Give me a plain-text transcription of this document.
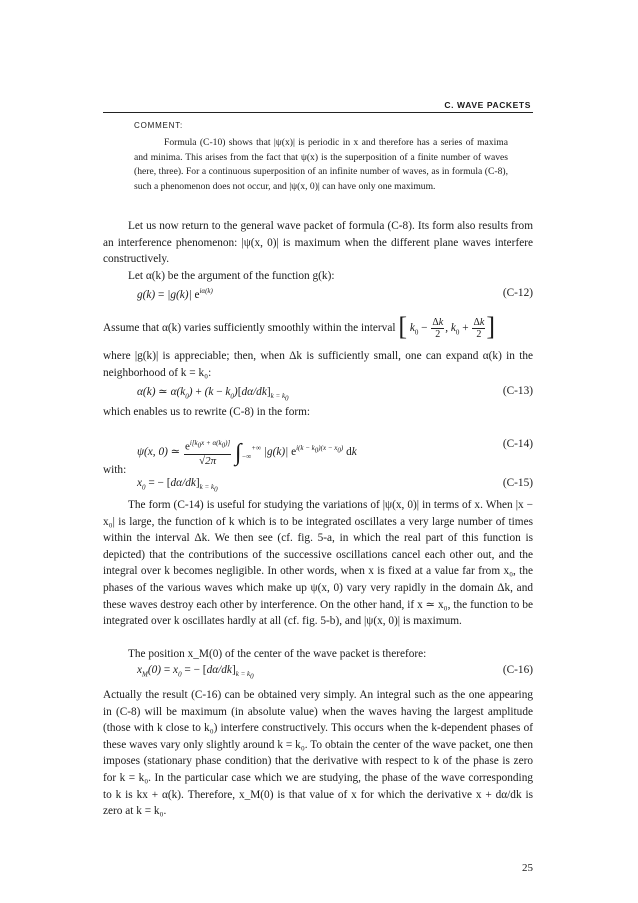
C. WAVE PACKETS
COMMENT:
Formula (C-10) shows that |ψ(x)| is periodic in x and therefore has a series of maxima and minima. This arises from the fact that ψ(x) is the superposition of a finite number of waves (here, three). For a continuous superposition of an infinite number of waves, as in formula (C-8), such a phenomenon does not occur, and |ψ(x, 0)| can have only one maximum.
Let us now return to the general wave packet of formula (C-8). Its form also results from an interference phenomenon: |ψ(x, 0)| is maximum when the different plane waves interfere constructively.
Let α(k) be the argument of the function g(k):
g(k) = |g(k)| $e^{i\alpha(k)}$	(C-12)
Assume that α(k) varies sufficiently smoothly within the interval [ $k_0 - \frac{\Delta k}{2}$ , $k_0 + \frac{\Delta k}{2}$ ]
where |g(k)| is appreciable; then, when Δk is sufficiently small, one can expand α(k) in the neighborhood of k = k₀:
α(k) ≃ $\alpha(k_0) + (k - k_0)[d\alpha/dk]_{k = k_0}$
(C-13)
which enables us to rewrite (C-8) in the form:
ψ(x, 0) ≃ $\frac{e^{i[k_0x + \alpha(k_0)]}}{√2\pi} \int_{-\infty}^{+\infty}$ |g(k)| $e^{i(k - k_0)(x - x_0)}$ dk
(C-14)
with:
$x_0$ = − $[d\alpha/dk]_{k = k_0}$
(C-15)
The form (C-14) is useful for studying the variations of |ψ(x, 0)| in terms of x. When |x − x₀| is large, the function of k which is to be integrated oscillates a very large number of times within the interval Δk. We then see (cf. fig. 5-a, in which the real part of this function is depicted) that the contributions of the successive oscillations cancel each other out, and the integral over k becomes negligible. In other words, when x is fixed at a value far from x₀, the phases of the various waves which make up ψ(x, 0) vary very rapidly in the domain Δk, and these waves destroy each other by interference. On the other hand, if x ≃ x₀, the function to be integrated over k oscillates hardly at all (cf. fig. 5-b), and |ψ(x, 0)| is maximum.
The position x_M(0) of the center of the wave packet is therefore:
$x_M(0) = x_0$ = − $[d\alpha/dk]_{k = k_0}$
(C-16)
Actually the result (C-16) can be obtained very simply. An integral such as the one appearing in (C-8) will be maximum (in absolute value) when the waves having the largest amplitude (those with k close to k₀) interfere constructively. This occurs when the k-dependent phases of these waves vary only slightly around k = k₀. To obtain the center of the wave packet, one then imposes (stationary phase condition) that the derivative with respect to k of the phase is zero for k = k₀. In the particular case which we are studying, the phase of the wave corresponding to k is kx + α(k). Therefore, x_M(0) is that value of x for which the derivative x + dα/dk is zero at k = k₀.
25
